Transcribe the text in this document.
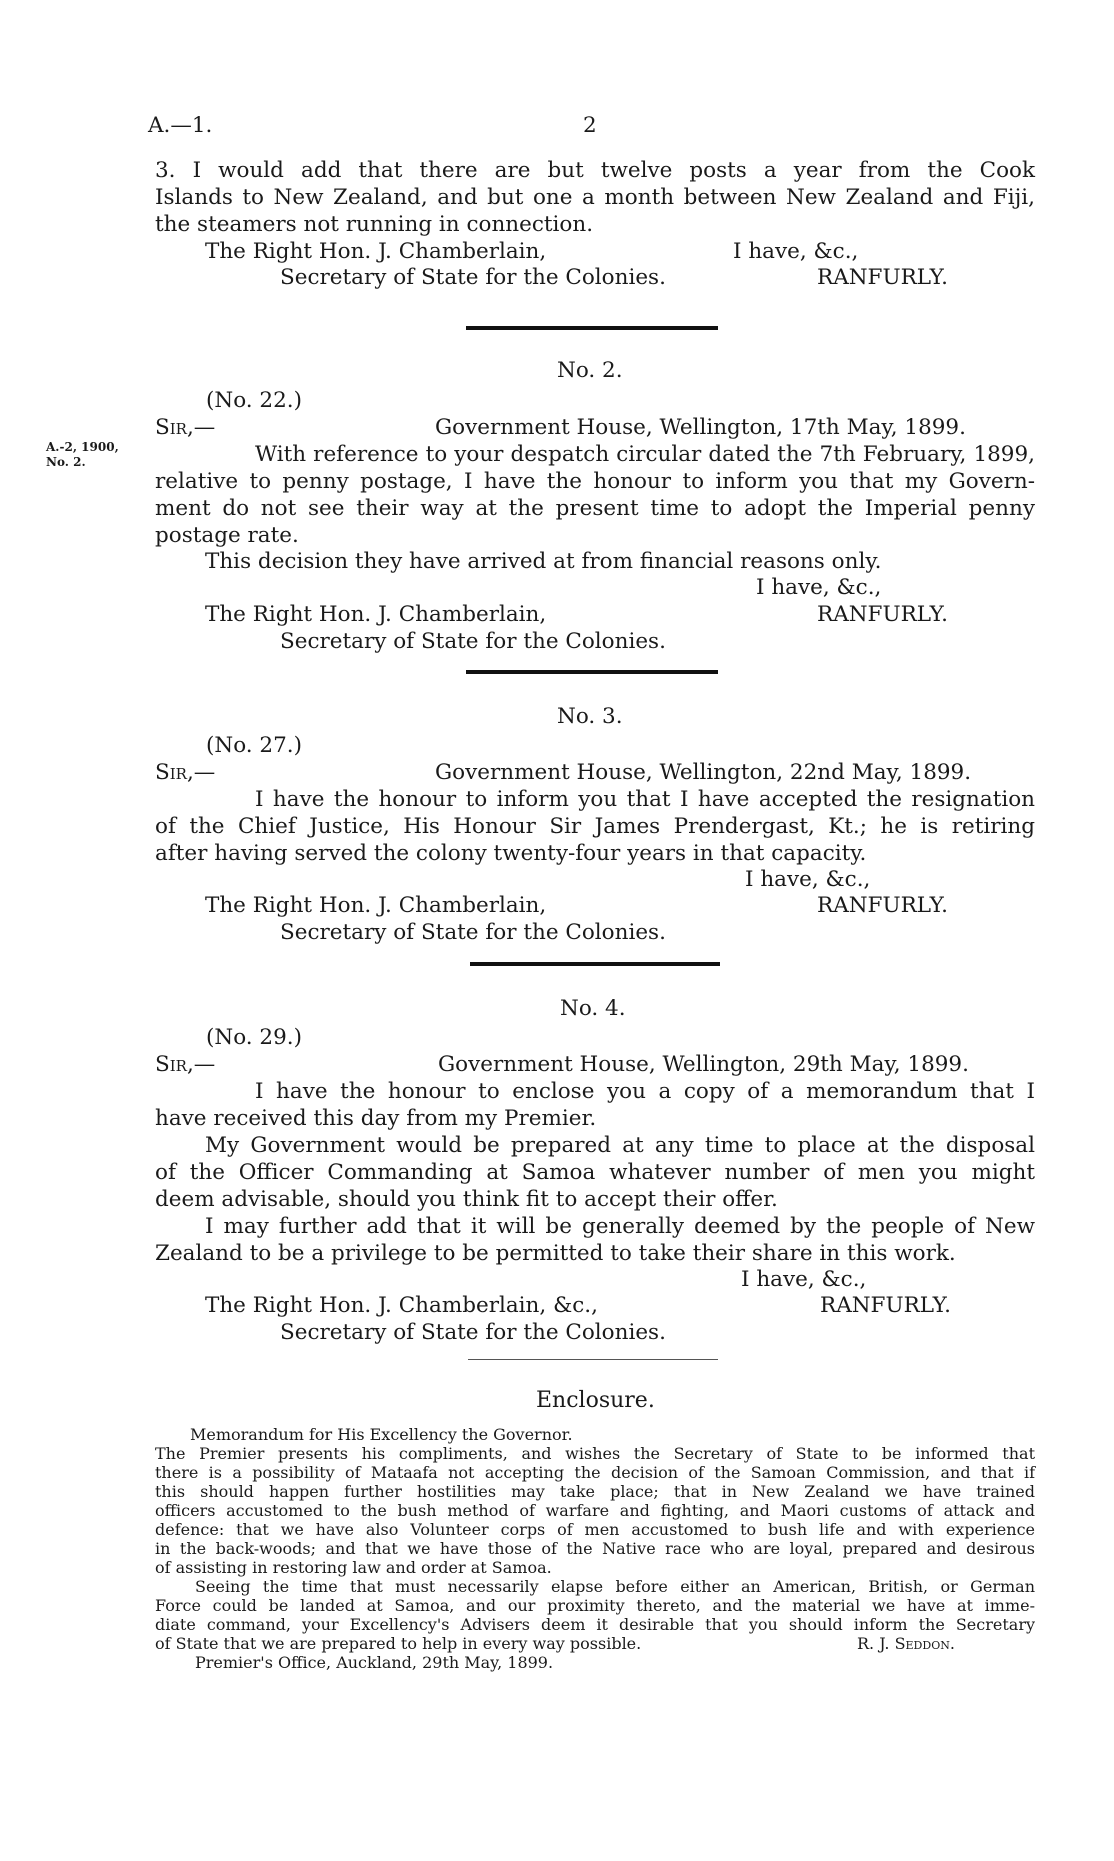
A.—1.	2
3. I would add that there are but twelve posts a year from the Cook
Islands to New Zealand, and but one a month between New Zealand and Fiji,
the steamers not running in connection.
The Right Hon. J. Chamberlain,	I have, &c.,
Secretary of State for the Colonies.	RANFURLY.
No. 2.
(No. 22.)
A.-2, 1900,
No. 2.
Sir,—	Government House, Wellington, 17th May, 1899.
With reference to your despatch circular dated the 7th February, 1899,
relative to penny postage, I have the honour to inform you that my Govern-
ment do not see their way at the present time to adopt the Imperial penny
postage rate.
This decision they have arrived at from financial reasons only.
I have, &c.,
The Right Hon. J. Chamberlain,	RANFURLY.
Secretary of State for the Colonies.
No. 3.
(No. 27.)
Sir,—	Government House, Wellington, 22nd May, 1899.
I have the honour to inform you that I have accepted the resignation
of the Chief Justice, His Honour Sir James Prendergast, Kt.; he is retiring
after having served the colony twenty-four years in that capacity.
I have, &c.,
The Right Hon. J. Chamberlain,	RANFURLY.
Secretary of State for the Colonies.
No. 4.
(No. 29.)
Sir,—	Government House, Wellington, 29th May, 1899.
I have the honour to enclose you a copy of a memorandum that I
have received this day from my Premier.
My Government would be prepared at any time to place at the disposal
of the Officer Commanding at Samoa whatever number of men you might
deem advisable, should you think fit to accept their offer.
I may further add that it will be generally deemed by the people of New
Zealand to be a privilege to be permitted to take their share in this work.
I have, &c.,
The Right Hon. J. Chamberlain, &c.,	RANFURLY.
Secretary of State for the Colonies.
Enclosure.
Memorandum for His Excellency the Governor.
The Premier presents his compliments, and wishes the Secretary of State to be informed that
there is a possibility of Mataafa not accepting the decision of the Samoan Commission, and that if
this should happen further hostilities may take place; that in New Zealand we have trained
officers accustomed to the bush method of warfare and fighting, and Maori customs of attack and
defence: that we have also Volunteer corps of men accustomed to bush life and with experience
in the back-woods; and that we have those of the Native race who are loyal, prepared and desirous
of assisting in restoring law and order at Samoa.
Seeing the time that must necessarily elapse before either an American, British, or German
Force could be landed at Samoa, and our proximity thereto, and the material we have at imme-
diate command, your Excellency's Advisers deem it desirable that you should inform the Secretary
of State that we are prepared to help in every way possible.	R. J. Seddon.
Premier's Office, Auckland, 29th May, 1899.
